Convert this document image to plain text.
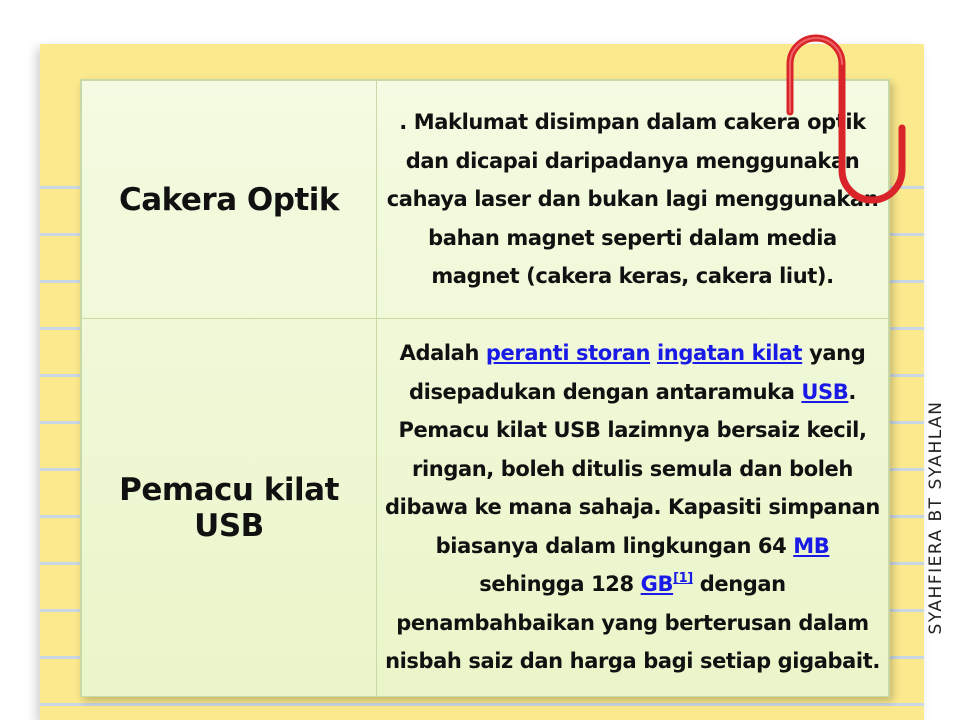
Cakera Optik	. Maklumat disimpan dalam cakera optik dan dicapai daripadanya menggunakan cahaya laser dan bukan lagi menggunakan bahan magnet seperti dalam media magnet (cakera keras, cakera liut).
Pemacu kilat USB	Adalah peranti storan ingatan kilat yang disepadukan dengan antaramuka USB. Pemacu kilat USB lazimnya bersaiz kecil, ringan, boleh ditulis semula dan boleh dibawa ke mana sahaja. Kapasiti simpanan biasanya dalam lingkungan 64 MB sehingga 128 GB[1] dengan penambahbaikan yang berterusan dalam nisbah saiz dan harga bagi setiap gigabait.
SYAHFIERA BT SYAHLAN
